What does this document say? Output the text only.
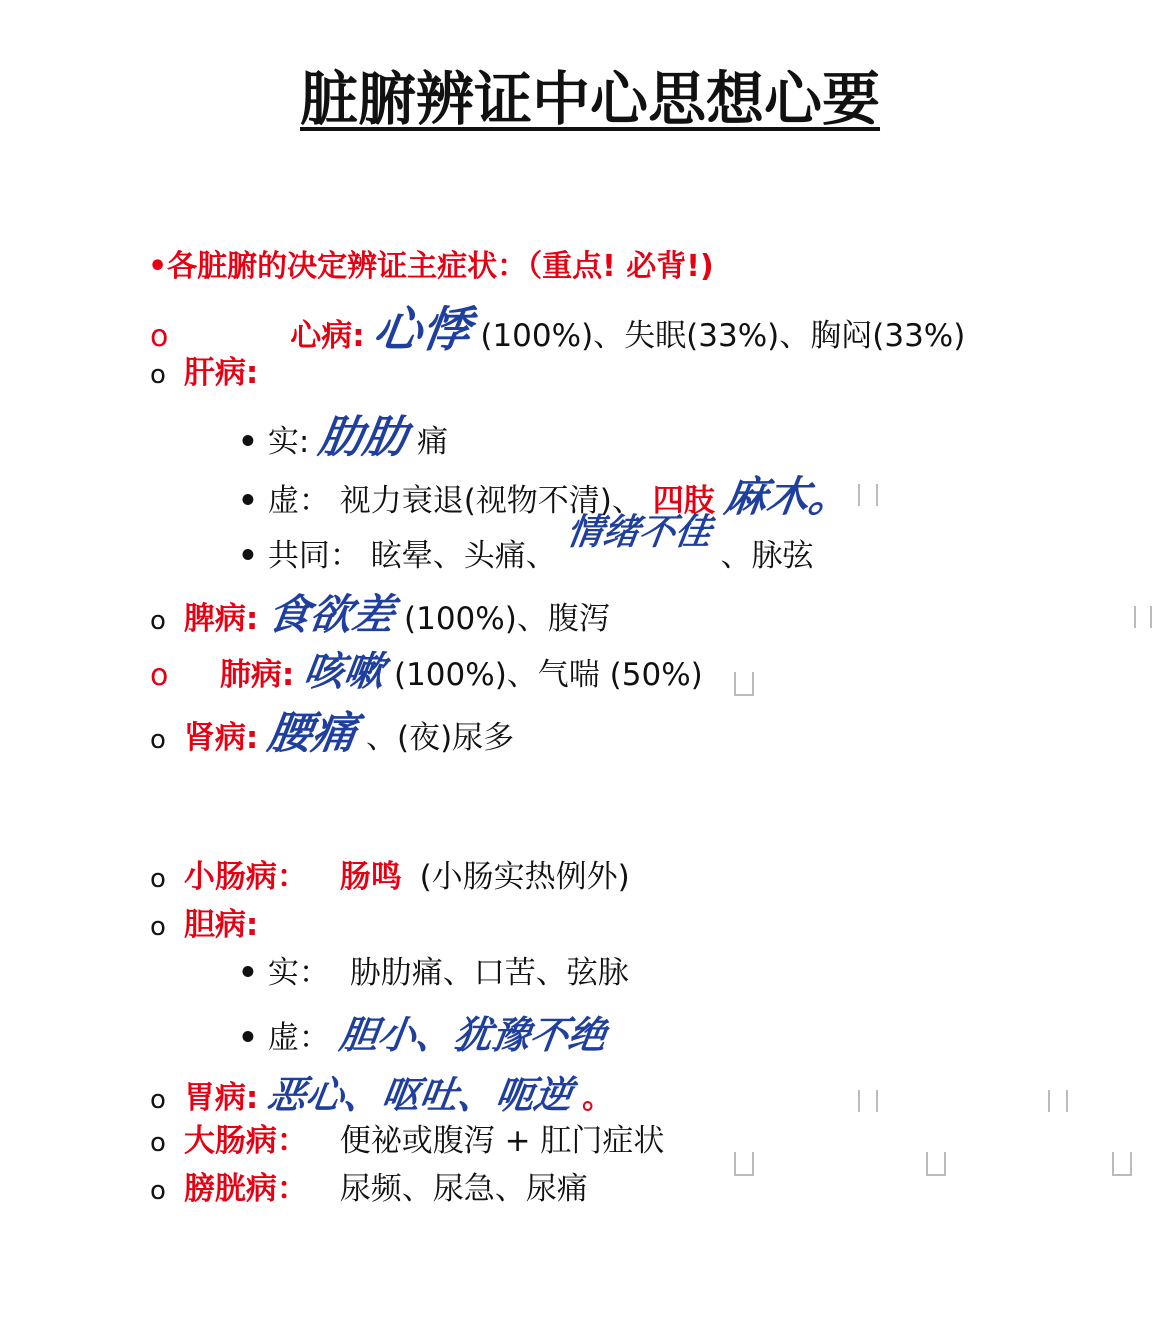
脏腑辨证中心思想心要
•各脏腑的决定辨证主症状：（重点! 必背!)
o	心病: 心悸 (100%)、失眠(33%)、胸闷(33%)
o 肝病:
• 实: 肋肋 痛
• 虚： 视力衰退(视物不清)、 四肢 麻木。
• 共同： 眩晕、头痛、 情绪不佳 、脉弦
o 脾病: 食欲差 (100%)、腹泻
o 肺病: 咳嗽 (100%)、气喘 (50%)
o 肾病: 腰痛 、(夜)尿多
o 小肠病： 肠鸣 (小肠实热例外)
o 胆病:
• 实： 胁肋痛、口苦、弦脉
• 虚： 胆小、犹豫不绝
o 胃病: 恶心、呕吐、呃逆 。
o 大肠病： 便祕或腹泻 + 肛门症状
o 膀胱病： 尿频、尿急、尿痛
